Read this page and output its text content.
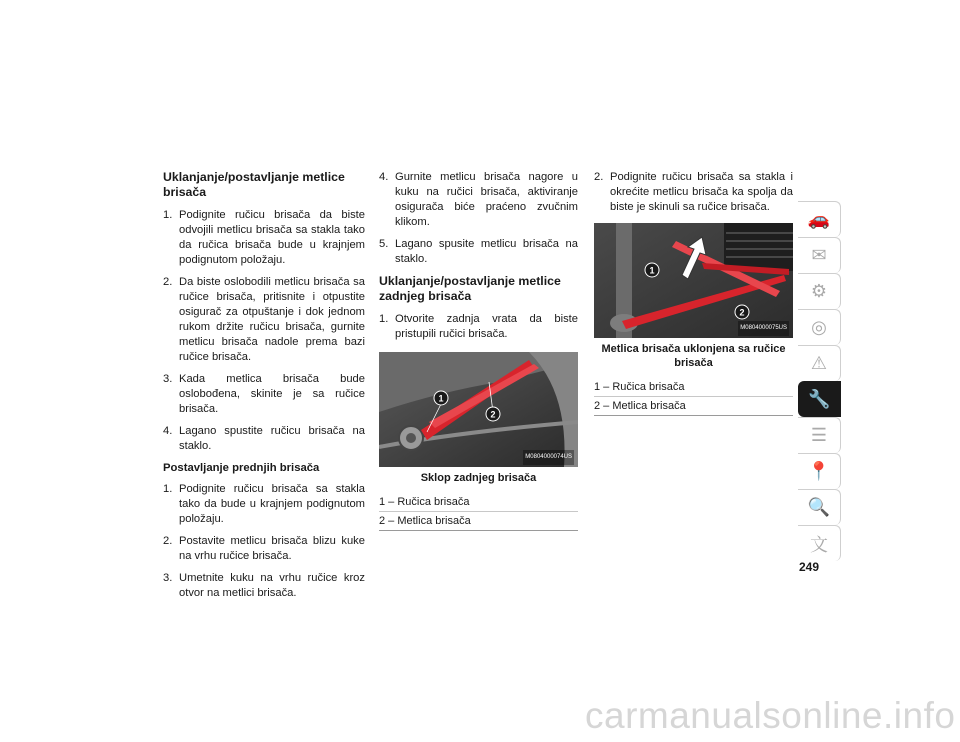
Uklanjanje/postavljanje metlice brisača
1. Podignite ručicu brisača da biste odvojili metlicu brisača sa stakla tako da ručica brisača bude u krajnjem podignutom položaju.
2. Da biste oslobodili metlicu brisača sa ručice brisača, pritisnite i otpustite osigurač za otpuštanje i dok jednom rukom držite ručicu brisača, gurnite metlicu brisača nadole prema bazi ručice brisača.
3. Kada metlica brisača bude oslobođena, skinite je sa ručice brisača.
4. Lagano spustite ručicu brisača na staklo.
Postavljanje prednjih brisača
1. Podignite ručicu brisača sa stakla tako da bude u krajnjem podignutom položaju.
2. Postavite metlicu brisača blizu kuke na vrhu ručice brisača.
3. Umetnite kuku na vrhu ručice kroz otvor na metlici brisača.
4. Gurnite metlicu brisača nagore u kuku na ručici brisača, aktiviranje osigurača biće praćeno zvučnim klikom.
5. Lagano spusite metlicu brisača na staklo.
Uklanjanje/postavljanje metlice zadnjeg brisača
1. Otvorite zadnja vrata da biste pristupili ručici brisača.
1
2
M0804000074US
Sklop zadnjeg brisača
1 – Ručica brisača
2 – Metlica brisača
2. Podignite ručicu brisača sa stakla i okrećite metlicu brisača ka spolja da biste je skinuli sa ručice brisača.
1
2
M0804000075US
Metlica brisača uklonjena sa ručice brisača
1 – Ručica brisača
2 – Metlica brisača
🚗
✉
⚙
◎
⚠
🔧
☰
📍
🔍
文
249
carmanualsonline.info
